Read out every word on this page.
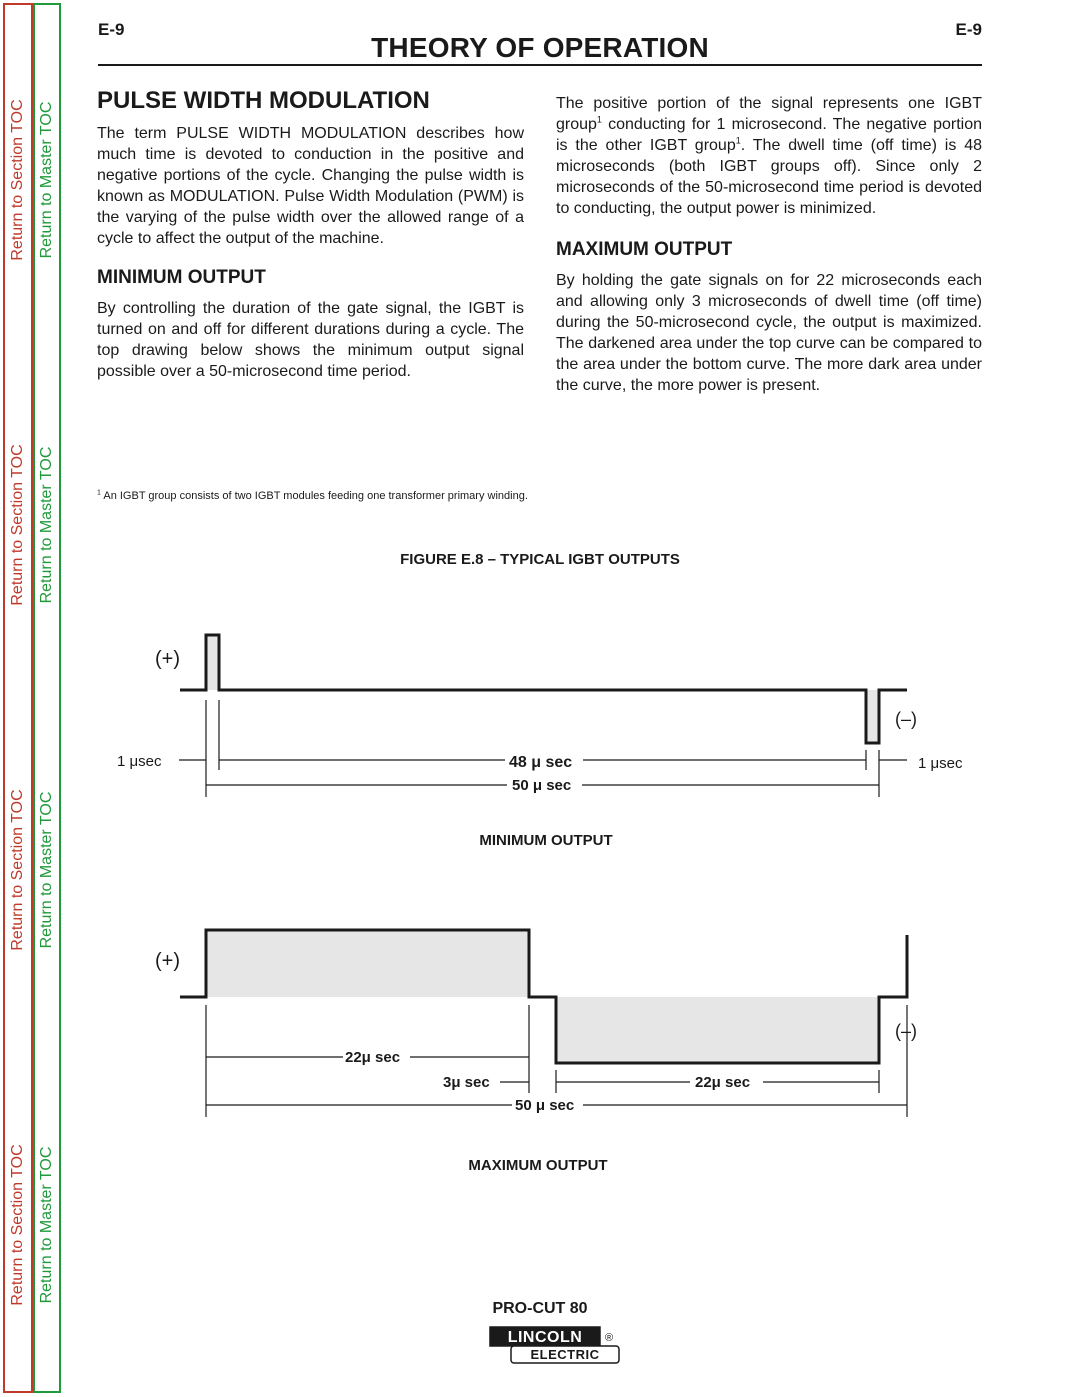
Return to Section TOC
Return to Section TOC
Return to Section TOC
Return to Section TOC
Return to Master TOC
Return to Master TOC
Return to Master TOC
Return to Master TOC
E-9	E-9
THEORY OF OPERATION
PULSE WIDTH MODULATION

The term PULSE WIDTH MODULATION describes how much time is devoted to conduction in the positive and negative portions of the cycle. Changing the pulse width is known as MODULATION. Pulse Width Modulation (PWM) is the varying of the pulse width over the allowed range of a cycle to affect the output of the machine.

MINIMUM OUTPUT

By controlling the duration of the gate signal, the IGBT is turned on and off for different durations during a cycle. The top drawing below shows the minimum output signal possible over a 50-microsecond time period.

The positive portion of the signal represents one IGBT group$^1$ conducting for 1 microsecond. The negative portion is the other IGBT group$^1$. The dwell time (off time) is 48 microseconds (both IGBT groups off). Since only 2 microseconds of the 50-microsecond time period is devoted to conducting, the output power is minimized.

MAXIMUM OUTPUT

By holding the gate signals on for 22 microseconds each and allowing only 3 microseconds of dwell time (off time) during the 50-microsecond cycle, the output is maximized. The darkened area under the top curve can be compared to the area under the bottom curve. The more dark area under the curve, the more power is present.

$^1$ An IGBT group consists of two IGBT modules feeding one transformer primary winding.
FIGURE E.8 – TYPICAL IGBT OUTPUTS
(+)
(–)
1 μsec	48 μ sec	1 μsec
50 μ sec
MINIMUM OUTPUT
(+)
(–)
22μ sec
3μ sec	22μ sec
50 μ sec
MAXIMUM OUTPUT
PRO-CUT 80
LINCOLN ®
ELECTRIC
